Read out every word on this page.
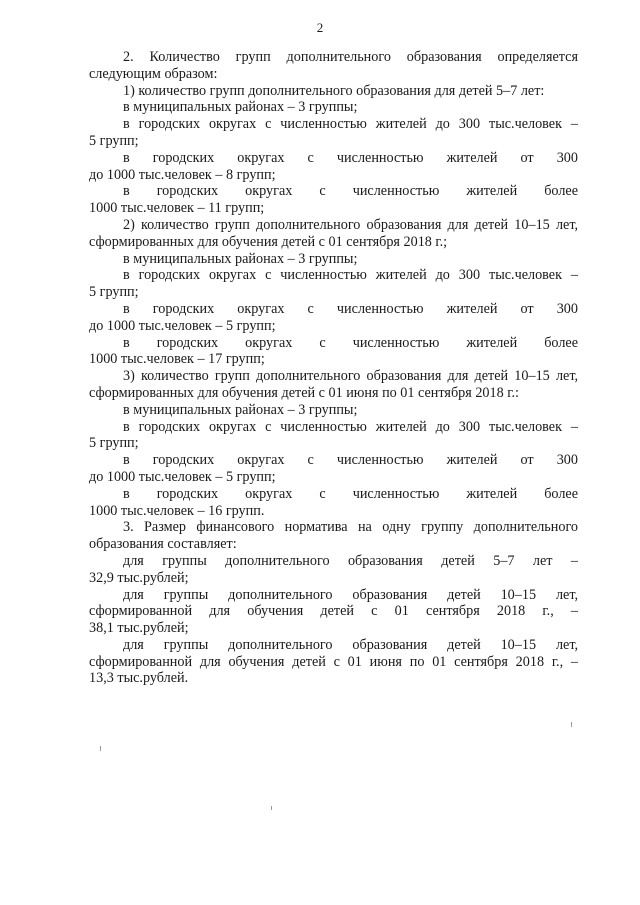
2
2. Количество групп дополнительного образования определяется
следующим образом:
1) количество групп дополнительного образования для детей 5–7 лет:
в муниципальных районах – 3 группы;
в городских округах с численностью жителей до 300 тыс.человек –
5 групп;
в городских округах с численностью жителей от 300
до 1000 тыс.человек – 8 групп;
в городских округах с численностью жителей более
1000 тыс.человек – 11 групп;
2) количество групп дополнительного образования для детей 10–15 лет,
сформированных для обучения детей с 01 сентября 2018 г.;
в муниципальных районах – 3 группы;
в городских округах с численностью жителей до 300 тыс.человек –
5 групп;
в городских округах с численностью жителей от 300
до 1000 тыс.человек – 5 групп;
в городских округах с численностью жителей более
1000 тыс.человек – 17 групп;
3) количество групп дополнительного образования для детей 10–15 лет,
сформированных для обучения детей с 01 июня по 01 сентября 2018 г.:
в муниципальных районах – 3 группы;
в городских округах с численностью жителей до 300 тыс.человек –
5 групп;
в городских округах с численностью жителей от 300
до 1000 тыс.человек – 5 групп;
в городских округах с численностью жителей более
1000 тыс.человек – 16 групп.
3. Размер финансового норматива на одну группу дополнительного
образования составляет:
для группы дополнительного образования детей 5–7 лет –
32,9 тыс.рублей;
для группы дополнительного образования детей 10–15 лет,
сформированной для обучения детей с 01 сентября 2018 г., –
38,1 тыс.рублей;
для группы дополнительного образования детей 10–15 лет,
сформированной для обучения детей с 01 июня по 01 сентября 2018 г., –
13,3 тыс.рублей.
